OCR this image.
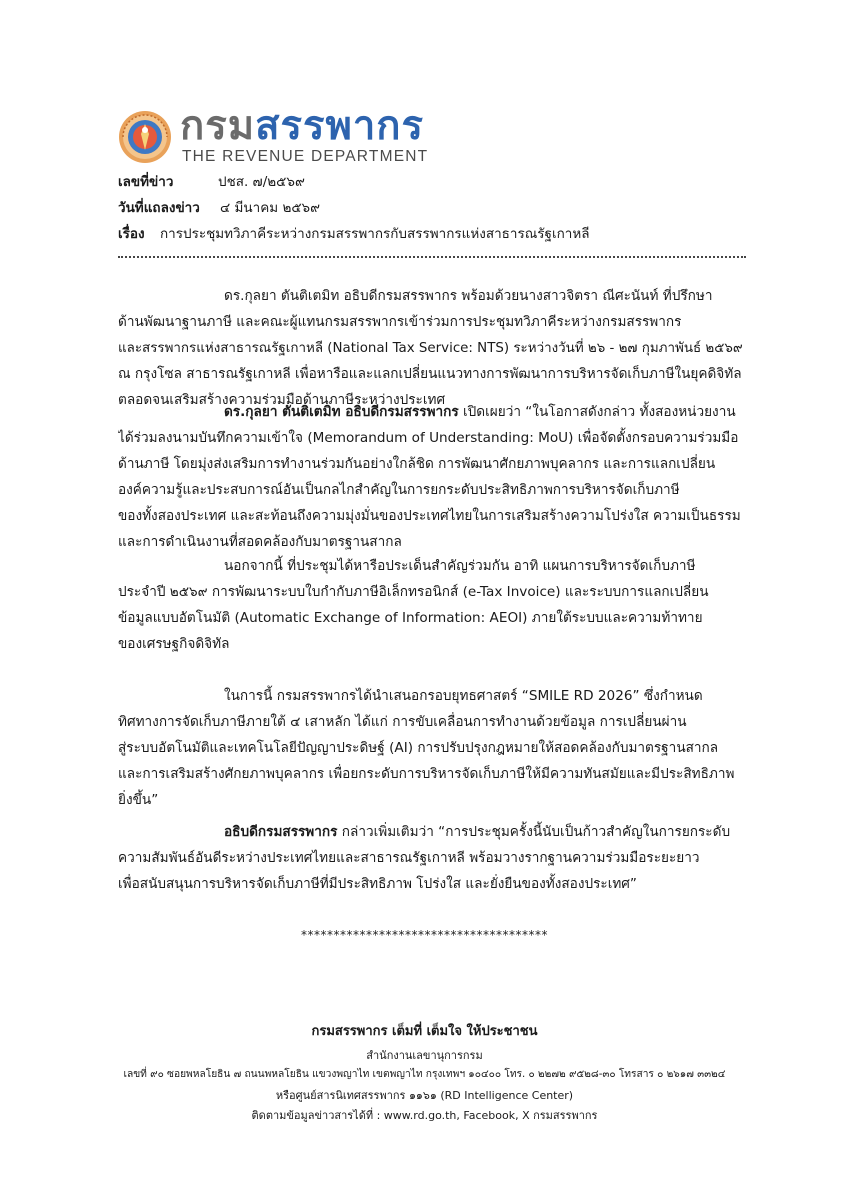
กรมสรรพากร
THE REVENUE DEPARTMENT
เลขที่ข่าว	ปชส. ๗/๒๕๖๙
วันที่แถลงข่าว ๔ มีนาคม ๒๕๖๙
เรื่อง การประชุมทวิภาคีระหว่างกรมสรรพากรกับสรรพากรแห่งสาธารณรัฐเกาหลี
ดร.กุลยา ตันติเตมิท อธิบดีกรมสรรพากร พร้อมด้วยนางสาวจิตรา ณีศะนันท์ ที่ปรึกษา
ด้านพัฒนาฐานภาษี และคณะผู้แทนกรมสรรพากรเข้าร่วมการประชุมทวิภาคีระหว่างกรมสรรพากร
และสรรพากรแห่งสาธารณรัฐเกาหลี (National Tax Service: NTS) ระหว่างวันที่ ๒๖ - ๒๗ กุมภาพันธ์ ๒๕๖๙
ณ กรุงโซล สาธารณรัฐเกาหลี เพื่อหารือและแลกเปลี่ยนแนวทางการพัฒนาการบริหารจัดเก็บภาษีในยุคดิจิทัล
ตลอดจนเสริมสร้างความร่วมมือด้านภาษีระหว่างประเทศ
ดร.กุลยา ตันติเตมิท อธิบดีกรมสรรพากร เปิดเผยว่า “ในโอกาสดังกล่าว ทั้งสองหน่วยงาน
ได้ร่วมลงนามบันทึกความเข้าใจ (Memorandum of Understanding: MoU) เพื่อจัดตั้งกรอบความร่วมมือ
ด้านภาษี โดยมุ่งส่งเสริมการทำงานร่วมกันอย่างใกล้ชิด การพัฒนาศักยภาพบุคลากร และการแลกเปลี่ยน
องค์ความรู้และประสบการณ์อันเป็นกลไกสำคัญในการยกระดับประสิทธิภาพการบริหารจัดเก็บภาษี
ของทั้งสองประเทศ และสะท้อนถึงความมุ่งมั่นของประเทศไทยในการเสริมสร้างความโปร่งใส ความเป็นธรรม
และการดำเนินงานที่สอดคล้องกับมาตรฐานสากล
นอกจากนี้ ที่ประชุมได้หารือประเด็นสำคัญร่วมกัน อาทิ แผนการบริหารจัดเก็บภาษี
ประจำปี ๒๕๖๙ การพัฒนาระบบใบกำกับภาษีอิเล็กทรอนิกส์ (e-Tax Invoice) และระบบการแลกเปลี่ยน
ข้อมูลแบบอัตโนมัติ (Automatic Exchange of Information: AEOI) ภายใต้ระบบและความท้าทาย
ของเศรษฐกิจดิจิทัล
ในการนี้ กรมสรรพากรได้นำเสนอกรอบยุทธศาสตร์ “SMILE RD 2026” ซึ่งกำหนด
ทิศทางการจัดเก็บภาษีภายใต้ ๔ เสาหลัก ได้แก่ การขับเคลื่อนการทำงานด้วยข้อมูล การเปลี่ยนผ่าน
สู่ระบบอัตโนมัติและเทคโนโลยีปัญญาประดิษฐ์ (AI) การปรับปรุงกฎหมายให้สอดคล้องกับมาตรฐานสากล
และการเสริมสร้างศักยภาพบุคลากร เพื่อยกระดับการบริหารจัดเก็บภาษีให้มีความทันสมัยและมีประสิทธิภาพ
ยิ่งขึ้น”
อธิบดีกรมสรรพากร กล่าวเพิ่มเติมว่า “การประชุมครั้งนี้นับเป็นก้าวสำคัญในการยกระดับ
ความสัมพันธ์อันดีระหว่างประเทศไทยและสาธารณรัฐเกาหลี พร้อมวางรากฐานความร่วมมือระยะยาว
เพื่อสนับสนุนการบริหารจัดเก็บภาษีที่มีประสิทธิภาพ โปร่งใส และยั่งยืนของทั้งสองประเทศ”
**************************************
กรมสรรพากร เต็มที่ เต็มใจ ให้ประชาชน
สำนักงานเลขานุการกรม
เลขที่ ๙๐ ซอยพหลโยธิน ๗ ถนนพหลโยธิน แขวงพญาไท เขตพญาไท กรุงเทพฯ ๑๐๔๐๐ โทร. ๐ ๒๒๗๒ ๙๕๒๘-๓๐ โทรสาร ๐ ๒๖๑๗ ๓๓๒๔
หรือศูนย์สารนิเทศสรรพากร ๑๑๖๑ (RD Intelligence Center)
ติดตามข้อมูลข่าวสารได้ที่ : www.rd.go.th, Facebook, X กรมสรรพากร
